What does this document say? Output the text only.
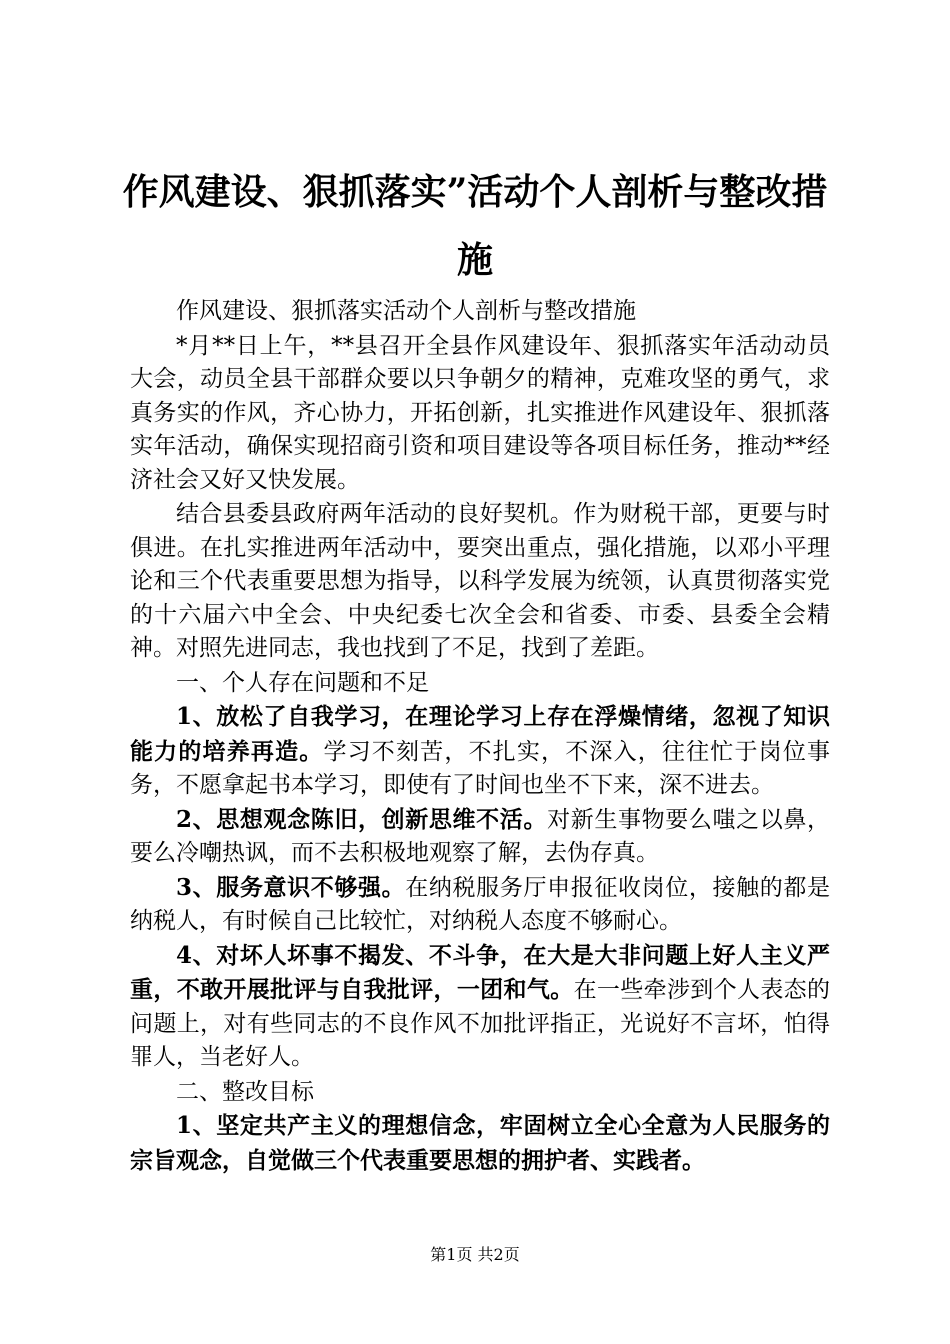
作风建设、狠抓落实”活动个人剖析与整改措施

作风建设、狠抓落实活动个人剖析与整改措施

*月**日上午，**县召开全县作风建设年、狠抓落实年活动动员大会，动员全县干部群众要以只争朝夕的精神，克难攻坚的勇气，求真务实的作风，齐心协力，开拓创新，扎实推进作风建设年、狠抓落实年活动，确保实现招商引资和项目建设等各项目标任务，推动**经济社会又好又快发展。

结合县委县政府两年活动的良好契机。作为财税干部，更要与时俱进。在扎实推进两年活动中，要突出重点，强化措施，以邓小平理论和三个代表重要思想为指导，以科学发展为统领，认真贯彻落实党的十六届六中全会、中央纪委七次全会和省委、市委、县委全会精神。对照先进同志，我也找到了不足，找到了差距。

一、个人存在问题和不足

1、放松了自我学习，在理论学习上存在浮燥情绪，忽视了知识能力的培养再造。学习不刻苦，不扎实，不深入，往往忙于岗位事务，不愿拿起书本学习，即使有了时间也坐不下来，深不进去。

2、思想观念陈旧，创新思维不活。对新生事物要么嗤之以鼻，要么冷嘲热讽，而不去积极地观察了解，去伪存真。

3、服务意识不够强。在纳税服务厅申报征收岗位，接触的都是纳税人，有时候自己比较忙，对纳税人态度不够耐心。

4、对坏人坏事不揭发、不斗争，在大是大非问题上好人主义严重，不敢开展批评与自我批评，一团和气。在一些牵涉到个人表态的问题上，对有些同志的不良作风不加批评指正，光说好不言坏，怕得罪人，当老好人。

二、整改目标

1、坚定共产主义的理想信念，牢固树立全心全意为人民服务的宗旨观念，自觉做三个代表重要思想的拥护者、实践者。

第1页 共2页
